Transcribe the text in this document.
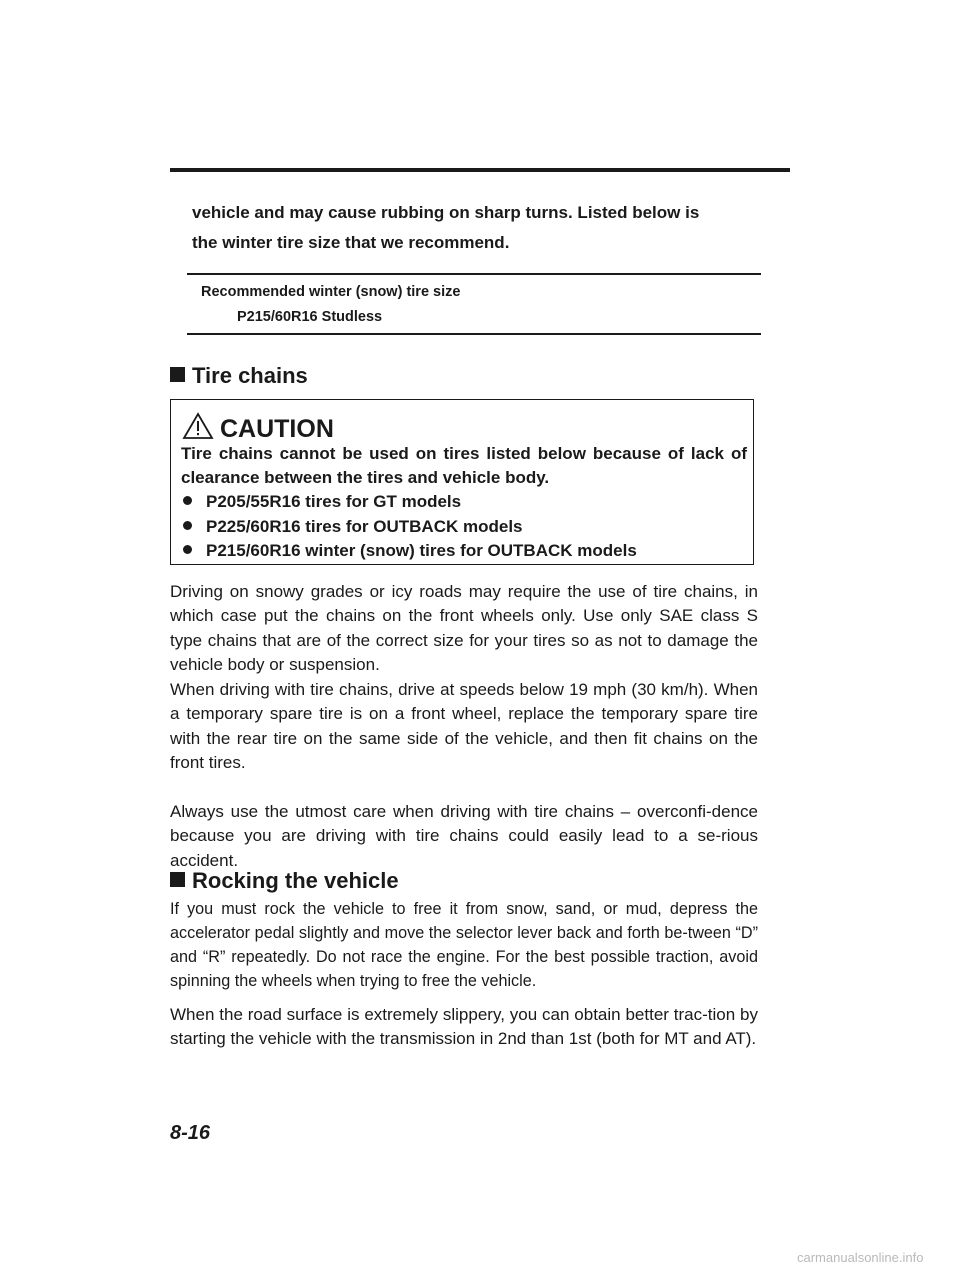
vehicle and may cause rubbing on sharp turns. Listed below is
the winter tire size that we recommend.
Recommended winter (snow) tire size
P215/60R16 Studless
Tire chains
CAUTION
Tire chains cannot be used on tires listed below because of lack of clearance between the tires and vehicle body.
P205/55R16 tires for GT models
P225/60R16 tires for OUTBACK models
P215/60R16 winter (snow) tires for OUTBACK models
Driving on snowy grades or icy roads may require the use of tire chains, in which case put the chains on the front wheels only. Use only SAE class S type chains that are of the correct size for your tires so as not to damage the vehicle body or suspension.
When driving with tire chains, drive at speeds below 19 mph (30 km/h). When a temporary spare tire is on a front wheel, replace the temporary spare tire with the rear tire on the same side of the vehicle, and then fit chains on the front tires.
Always use the utmost care when driving with tire chains – overconfi-dence because you are driving with tire chains could easily lead to a se-rious accident.
Rocking the vehicle
If you must rock the vehicle to free it from snow, sand, or mud, depress the accelerator pedal slightly and move the selector lever back and forth be-tween “D” and “R” repeatedly. Do not race the engine. For the best possible traction, avoid spinning the wheels when trying to free the vehicle.
When the road surface is extremely slippery, you can obtain better trac-tion by starting the vehicle with the transmission in 2nd than 1st (both for MT and AT).
8-16
carmanualsonline.info
